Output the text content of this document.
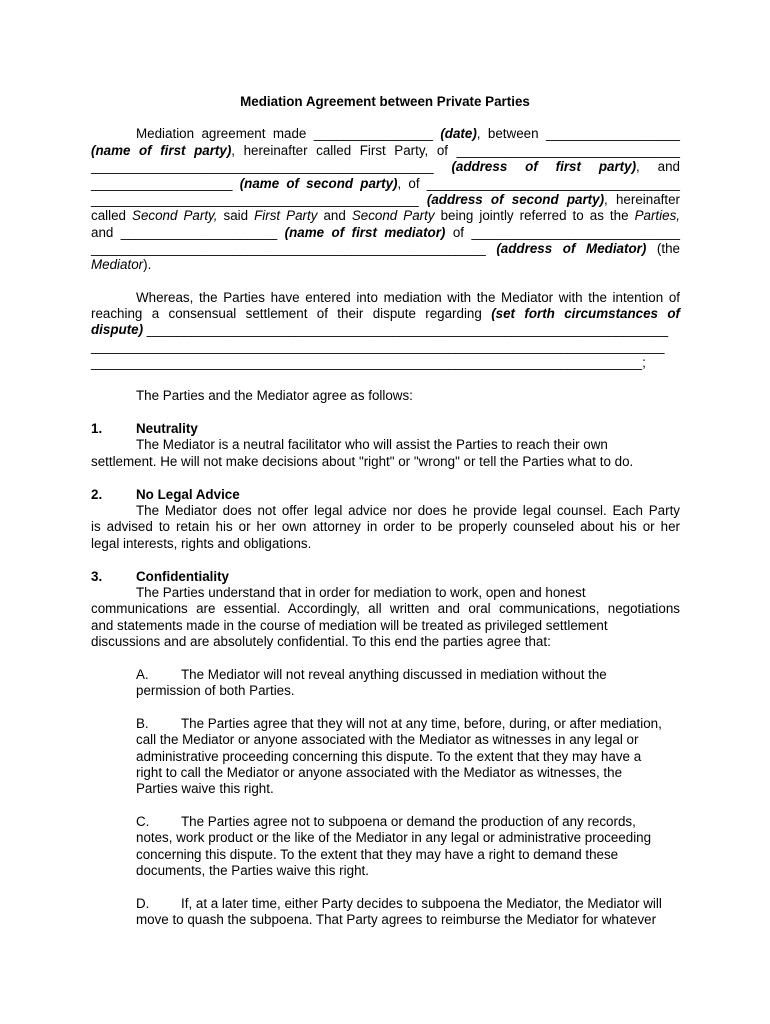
Mediation Agreement between Private Parties
Mediation agreement made ________________ (date), between __________________
(name of first party), hereinafter called First Party, of ______________________________
______________________________________________ (address of first party), and
___________________ (name of second party), of __________________________________
____________________________________________ (address of second party), hereinafter
called Second Party, said First Party and Second Party being jointly referred to as the Parties,
and _____________________ (name of first mediator) of ____________________________
_____________________________________________________ (address of Mediator) (the
Mediator).
Whereas, the Parties have entered into mediation with the Mediator with the intention of
reaching a consensual settlement of their dispute regarding (set forth circumstances of
dispute) ______________________________________________________________________
_____________________________________________________________________________
__________________________________________________________________________;
The Parties and the Mediator agree as follows:
1.	Neutrality
The Mediator is a neutral facilitator who will assist the Parties to reach their own
settlement. He will not make decisions about "right" or "wrong" or tell the Parties what to do.
2.	No Legal Advice
The Mediator does not offer legal advice nor does he provide legal counsel. Each Party
is advised to retain his or her own attorney in order to be properly counseled about his or her
legal interests, rights and obligations.
3.	Confidentiality
The Parties understand that in order for mediation to work, open and honest
communications are essential. Accordingly, all written and oral communications, negotiations
and statements made in the course of mediation will be treated as privileged settlement
discussions and are absolutely confidential. To this end the parties agree that:
A. The Mediator will not reveal anything discussed in mediation without the
permission of both Parties.
B. The Parties agree that they will not at any time, before, during, or after mediation,
call the Mediator or anyone associated with the Mediator as witnesses in any legal or
administrative proceeding concerning this dispute. To the extent that they may have a
right to call the Mediator or anyone associated with the Mediator as witnesses, the
Parties waive this right.
C. The Parties agree not to subpoena or demand the production of any records,
notes, work product or the like of the Mediator in any legal or administrative proceeding
concerning this dispute. To the extent that they may have a right to demand these
documents, the Parties waive this right.
D. If, at a later time, either Party decides to subpoena the Mediator, the Mediator will
move to quash the subpoena. That Party agrees to reimburse the Mediator for whatever
